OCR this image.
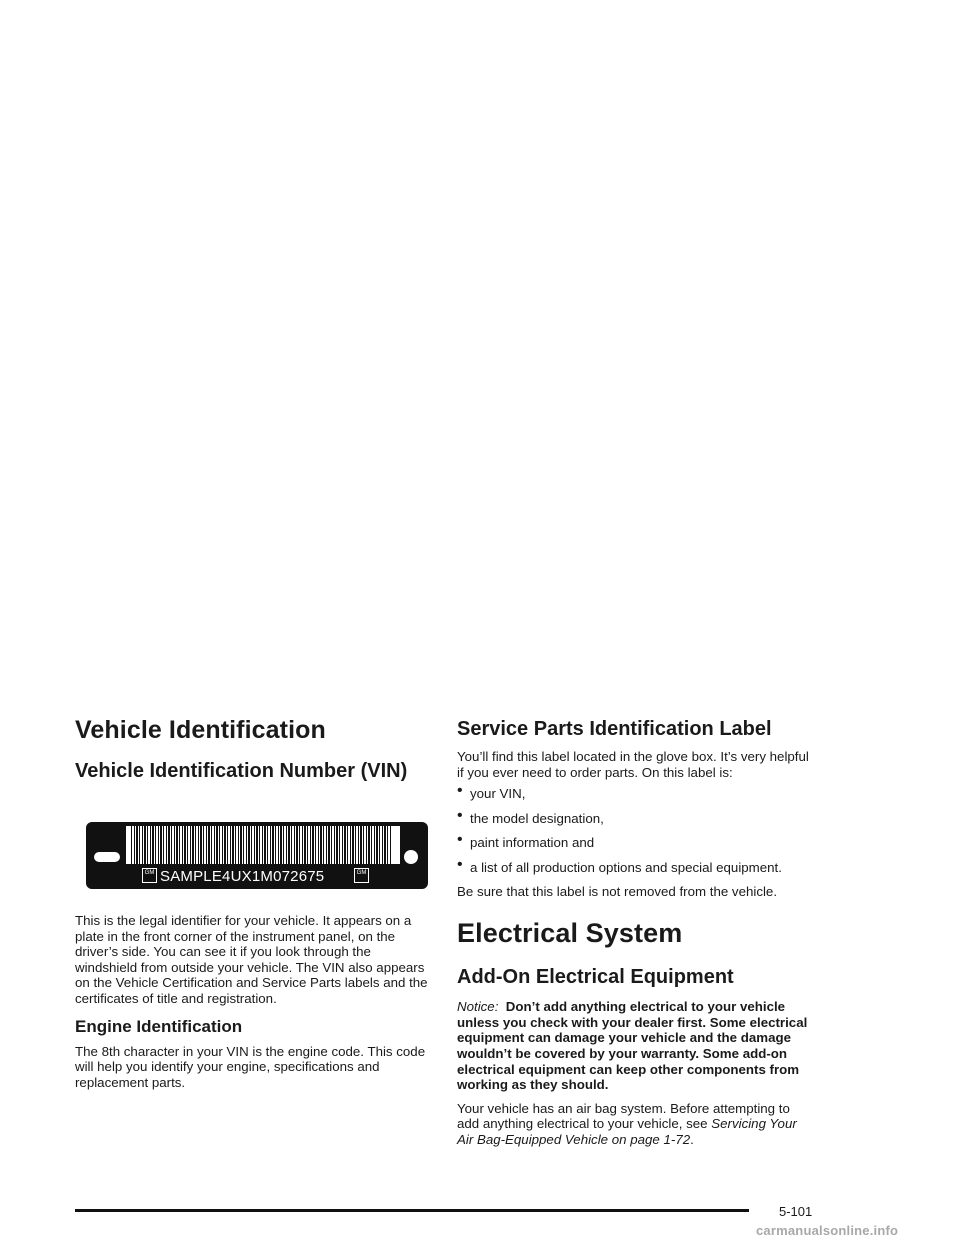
Vehicle Identification
Vehicle Identification Number (VIN)
GM SAMPLE4UX1M072675	GM

This is the legal identifier for your vehicle. It appears on a plate in the front corner of the instrument panel, on the driver’s side. You can see it if you look through the windshield from outside your vehicle. The VIN also appears on the Vehicle Certification and Service Parts labels and the certificates of title and registration.

Engine Identification

The 8th character in your VIN is the engine code. This code will help you identify your engine, specifications and replacement parts.

Service Parts Identification Label

You’ll find this label located in the glove box. It’s very helpful if you ever need to order parts. On this label is:

• your VIN,
• the model designation,
• paint information and
• a list of all production options and special equipment.

Be sure that this label is not removed from the vehicle.

Electrical System
Add-On Electrical Equipment

Notice: Don’t add anything electrical to your vehicle unless you check with your dealer first. Some electrical equipment can damage your vehicle and the damage wouldn’t be covered by your warranty. Some add-on electrical equipment can keep other components from working as they should.

Your vehicle has an air bag system. Before attempting to add anything electrical to your vehicle, see Servicing Your Air Bag-Equipped Vehicle on page 1-72.

5-101
carmanualsonline.info
